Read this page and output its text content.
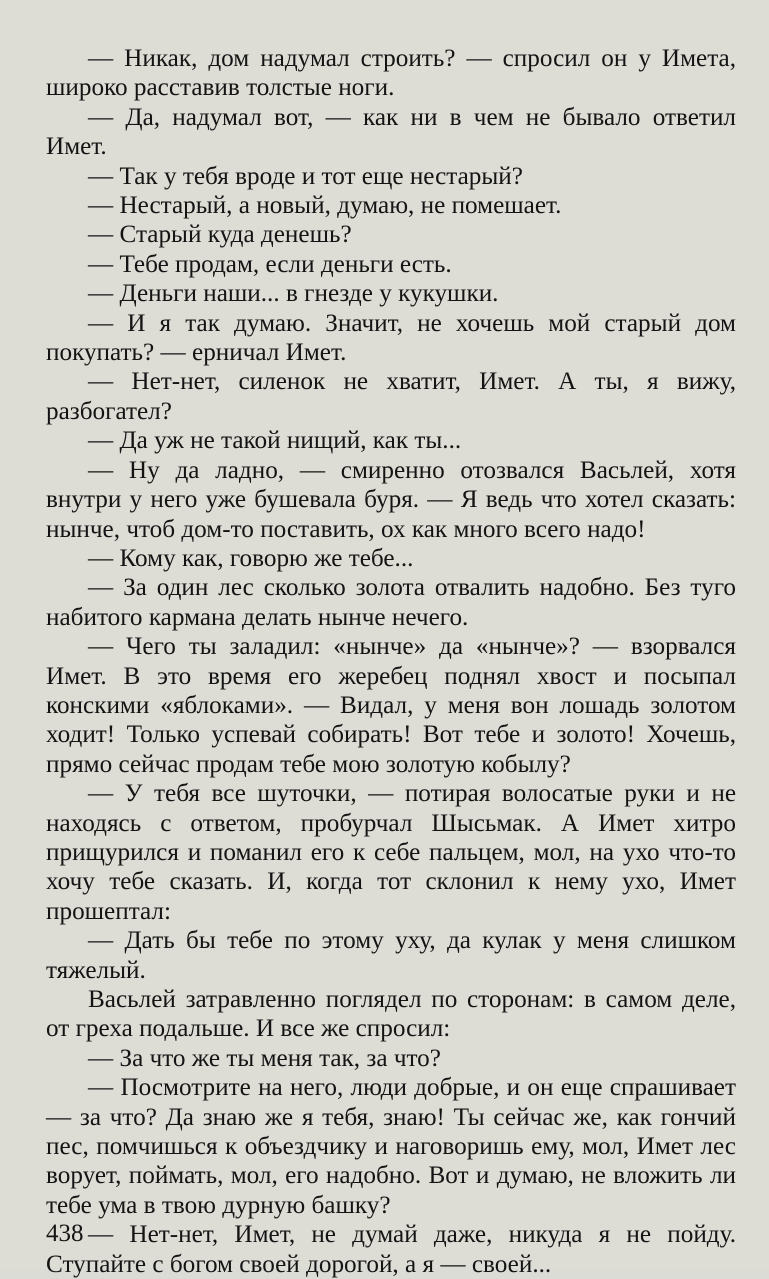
— Никак, дом надумал строить? — спросил он у Имета, широко расставив толстые ноги.

— Да, надумал вот, — как ни в чем не бывало ответил Имет.

— Так у тебя вроде и тот еще нестарый?

— Нестарый, а новый, думаю, не помешает.

— Старый куда денешь?

— Тебе продам, если деньги есть.

— Деньги наши... в гнезде у кукушки.

— И я так думаю. Значит, не хочешь мой старый дом покупать? — ерничал Имет.

— Нет-нет, силенок не хватит, Имет. А ты, я вижу, разбогател?

— Да уж не такой нищий, как ты...

— Ну да ладно, — смиренно отозвался Васьлей, хотя внутри у него уже бушевала буря. — Я ведь что хотел сказать: нынче, чтоб дом-то поставить, ох как много всего надо!

— Кому как, говорю же тебе...

— За один лес сколько золота отвалить надобно. Без туго набитого кармана делать нынче нечего.

— Чего ты заладил: «нынче» да «нынче»? — взорвался Имет. В это время его жеребец поднял хвост и посыпал конскими «яблоками». — Видал, у меня вон лошадь золотом ходит! Только успевай собирать! Вот тебе и золото! Хочешь, прямо сейчас продам тебе мою золотую кобылу?

— У тебя все шуточки, — потирая волосатые руки и не находясь с ответом, пробурчал Шысьмак. А Имет хитро прищурился и поманил его к себе пальцем, мол, на ухо что-то хочу тебе сказать. И, когда тот склонил к нему ухо, Имет прошептал:

— Дать бы тебе по этому уху, да кулак у меня слишком тяжелый.

Васьлей затравленно поглядел по сторонам: в самом деле, от греха подальше. И все же спросил:

— За что же ты меня так, за что?

— Посмотрите на него, люди добрые, и он еще спрашивает — за что? Да знаю же я тебя, знаю! Ты сейчас же, как гончий пес, помчишься к объездчику и наговоришь ему, мол, Имет лес ворует, поймать, мол, его надобно. Вот и думаю, не вложить ли тебе ума в твою дурную башку?

— Нет-нет, Имет, не думай даже, никуда я не пойду. Ступайте с богом своей дорогой, а я — своей...

438
